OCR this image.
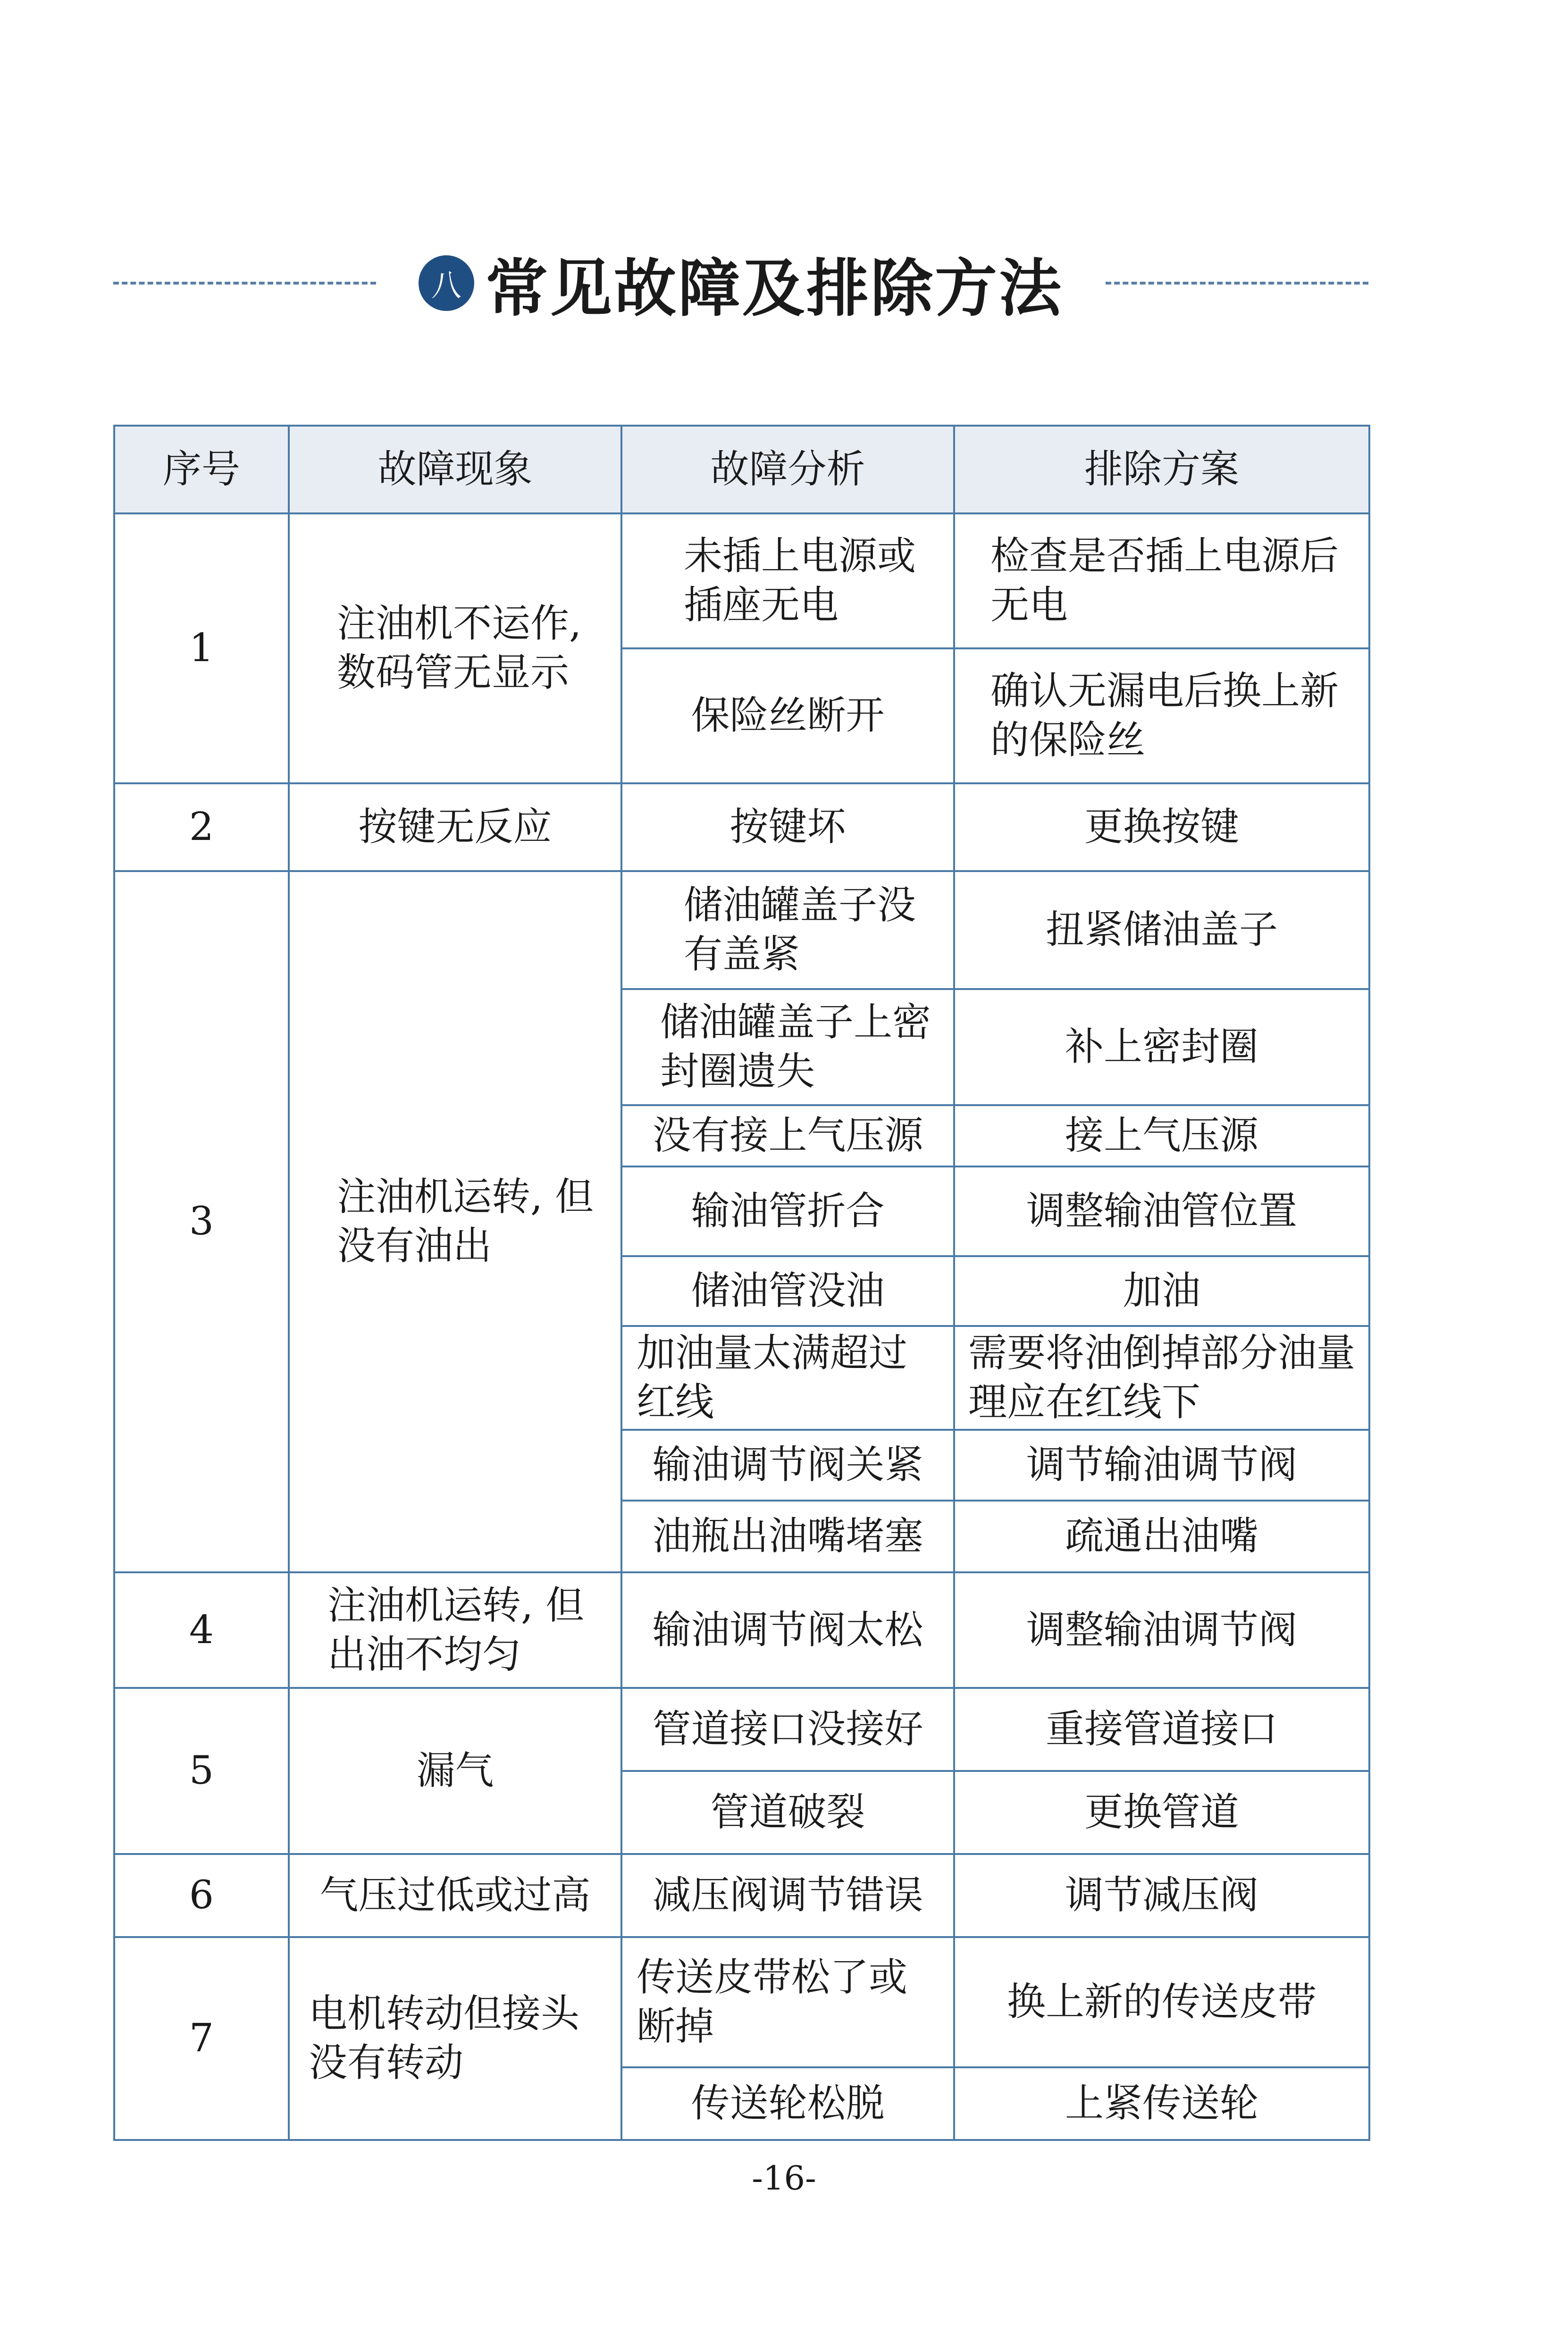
八 常见故障及排除方法
序号	故障现象	故障分析	排除方案
1	注油机不运作, 数码管无显示	未插上电源或插座无电	检查是否插上电源后无电
		保险丝断开	确认无漏电后换上新的保险丝
2	按键无反应	按键坏	更换按键
3	注油机运转, 但没有油出	储油罐盖子没有盖紧	扭紧储油盖子
		储油罐盖子上密封圈遗失	补上密封圈
		没有接上气压源	接上气压源
		输油管折合	调整输油管位置
		储油管没油	加油
		加油量太满超过红线	需要将油倒掉部分油量理应在红线下
		输油调节阀关紧	调节输油调节阀
		油瓶出油嘴堵塞	疏通出油嘴
4	注油机运转, 但出油不均匀	输油调节阀太松	调整输油调节阀
5	漏气	管道接口没接好	重接管道接口
		管道破裂	更换管道
6	气压过低或过高	减压阀调节错误	调节减压阀
7	电机转动但接头没有转动	传送皮带松了或断掉	换上新的传送皮带
		传送轮松脱	上紧传送轮
-16-
